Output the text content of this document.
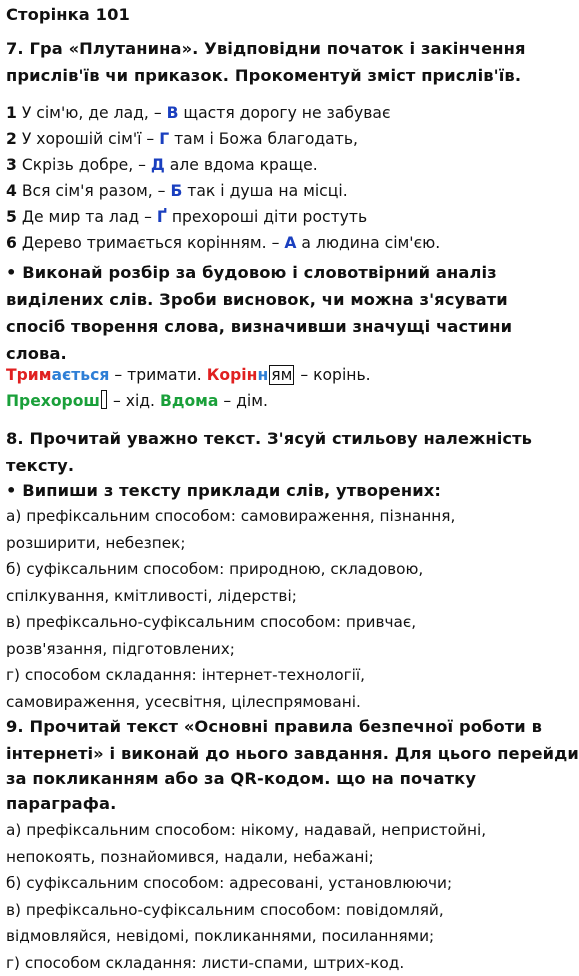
Сторінка 101
7. Гра «Плутанина». Увідповідни початок і закінчення
прислів'їв чи приказок. Прокоментуй зміст прислів'їв.
1 У сім'ю, де лад, – В щастя дорогу не забуває
2 У хорошій сім'ї – Г там і Божа благодать,
3 Скрізь добре, – Д але вдома краще.
4 Вся сім'я разом, – Б так і душа на місці.
5 Де мир та лад – Ґ прехороші діти ростуть
6 Дерево тримається корінням. – А а людина сім'єю.
• Виконай розбір за будовою і словотвірний аналіз
виділених слів. Зроби висновок, чи можна з'ясувати
спосіб творення слова, визначивши значущі частини
слова.
Тримається – тримати. Корінн ям – корінь.
Прехорош – хід. Вдома – дім.
8. Прочитай уважно текст. З'ясуй стильову належність
тексту.
• Випиши з тексту приклади слів, утворених:
а) префіксальним способом: самовираження, пізнання,
розширити, небезпек;
б) суфіксальним способом: природною, складовою,
спілкування, кмітливості, лідерстві;
в) префіксально-суфіксальним способом: привчає,
розв'язання, підготовлених;
г) способом складання: інтернет-технології,
самовираження, усесвітня, цілеспрямовані.
9. Прочитай текст «Основні правила безпечної роботи в
інтернеті» і виконай до нього завдання. Для цього перейди
за покликанням або за QR-кодом. що на початку
параграфа.
а) префіксальним способом: нікому, надавай, непристойні,
непокоять, познайомився, надали, небажані;
б) суфіксальним способом: адресовані, установлюючи;
в) префіксально-суфіксальним способом: повідомляй,
відмовляйся, невідомі, покликаннями, посиланнями;
г) способом складання: листи-спами, штрих-код.
